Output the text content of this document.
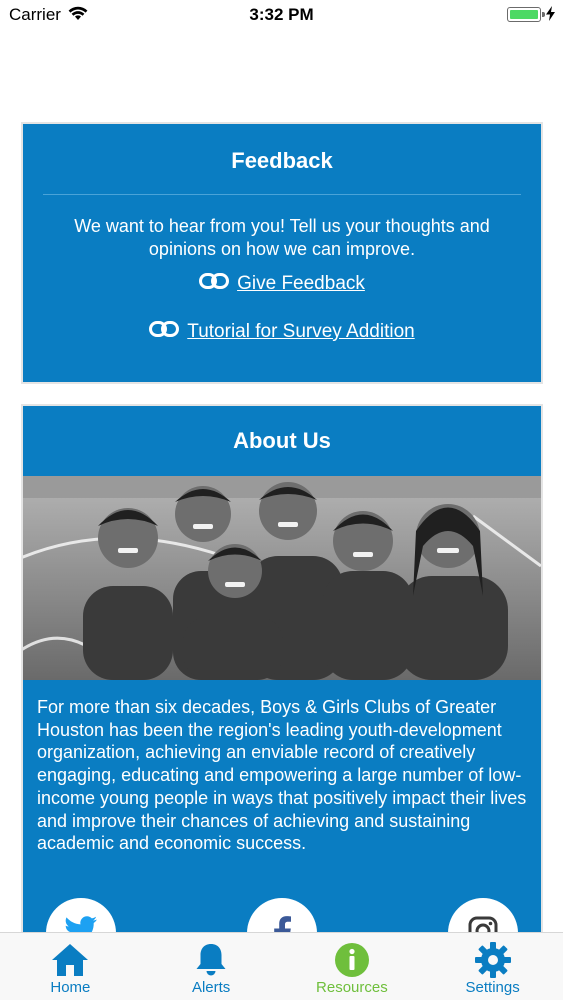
Carrier	3:32 PM
Feedback

We want to hear from you! Tell us your thoughts and opinions on how we can improve.

Give Feedback
Tutorial for Survey Addition
About Us

For more than six decades, Boys & Girls Clubs of Greater Houston has been the region's leading youth-development organization, achieving an enviable record of creatively engaging, educating and empowering a large number of low-income young people in ways that positively impact their lives and improve their chances of achieving and sustaining academic and economic success.

Home	Alerts	Resources	Settings
